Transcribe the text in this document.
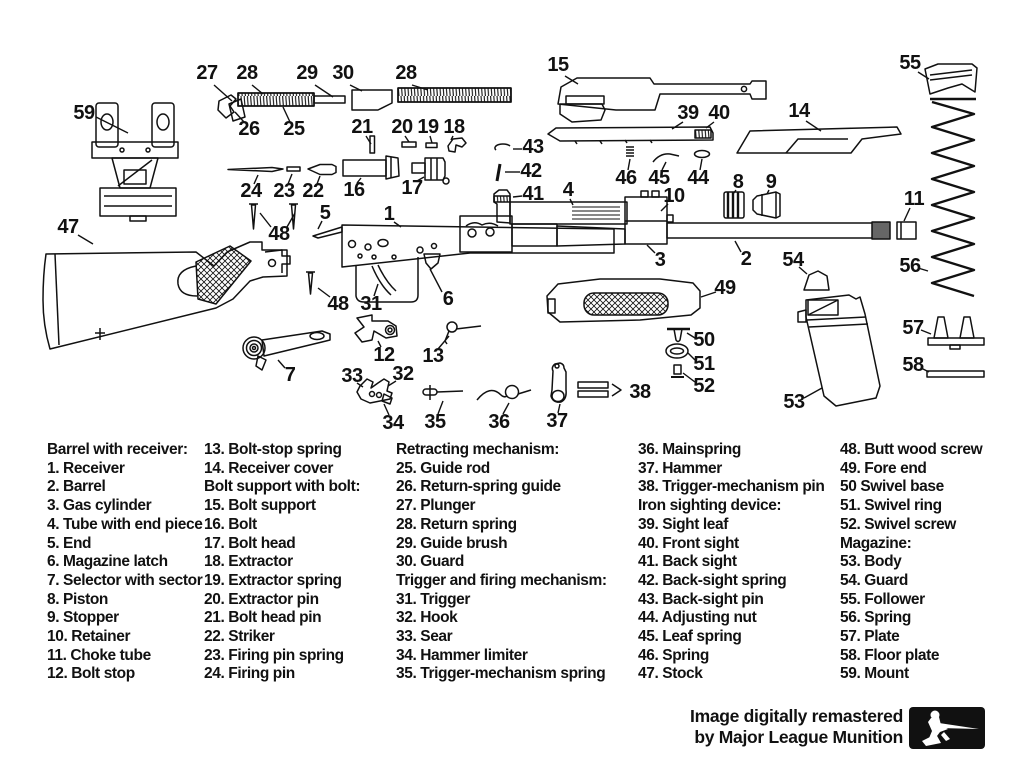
59
27 28 29 30 28	15
26 25 21 20 19 18
43
42
41
39 40	14
55
4
46 45 44 8 9
10	11
16 17
24 23 22
5	1
3	2 54	56
47	48
48 31	6	49
50
51
52
57
58
53
12 13
7 33 32
34 35 36 37
38
Barrel with receiver:
1. Receiver
2. Barrel
3. Gas cylinder
4. Tube with end piece
5. End
6. Magazine latch
7. Selector with sector
8. Piston
9. Stopper
10. Retainer
11. Choke tube
12. Bolt stop
13. Bolt-stop spring
14. Receiver cover
Bolt support with bolt:
15. Bolt support
16. Bolt
17. Bolt head
18. Extractor
19. Extractor spring
20. Extractor pin
21. Bolt head pin
22. Striker
23. Firing pin spring
24. Firing pin
Retracting mechanism:
25. Guide rod
26. Return-spring guide
27. Plunger
28. Return spring
29. Guide brush
30. Guard
Trigger and firing mechanism:
31. Trigger
32. Hook
33. Sear
34. Hammer limiter
35. Trigger-mechanism spring
36. Mainspring
37. Hammer
38. Trigger-mechanism pin
Iron sighting device:
39. Sight leaf
40. Front sight
41. Back sight
42. Back-sight spring
43. Back-sight pin
44. Adjusting nut
45. Leaf spring
46. Spring
47. Stock
48. Butt wood screw
49. Fore end
50 Swivel base
51. Swivel ring
52. Swivel screw
Magazine:
53. Body
54. Guard
55. Follower
56. Spring
57. Plate
58. Floor plate
59. Mount
Image digitally remastered
by Major League Munition
